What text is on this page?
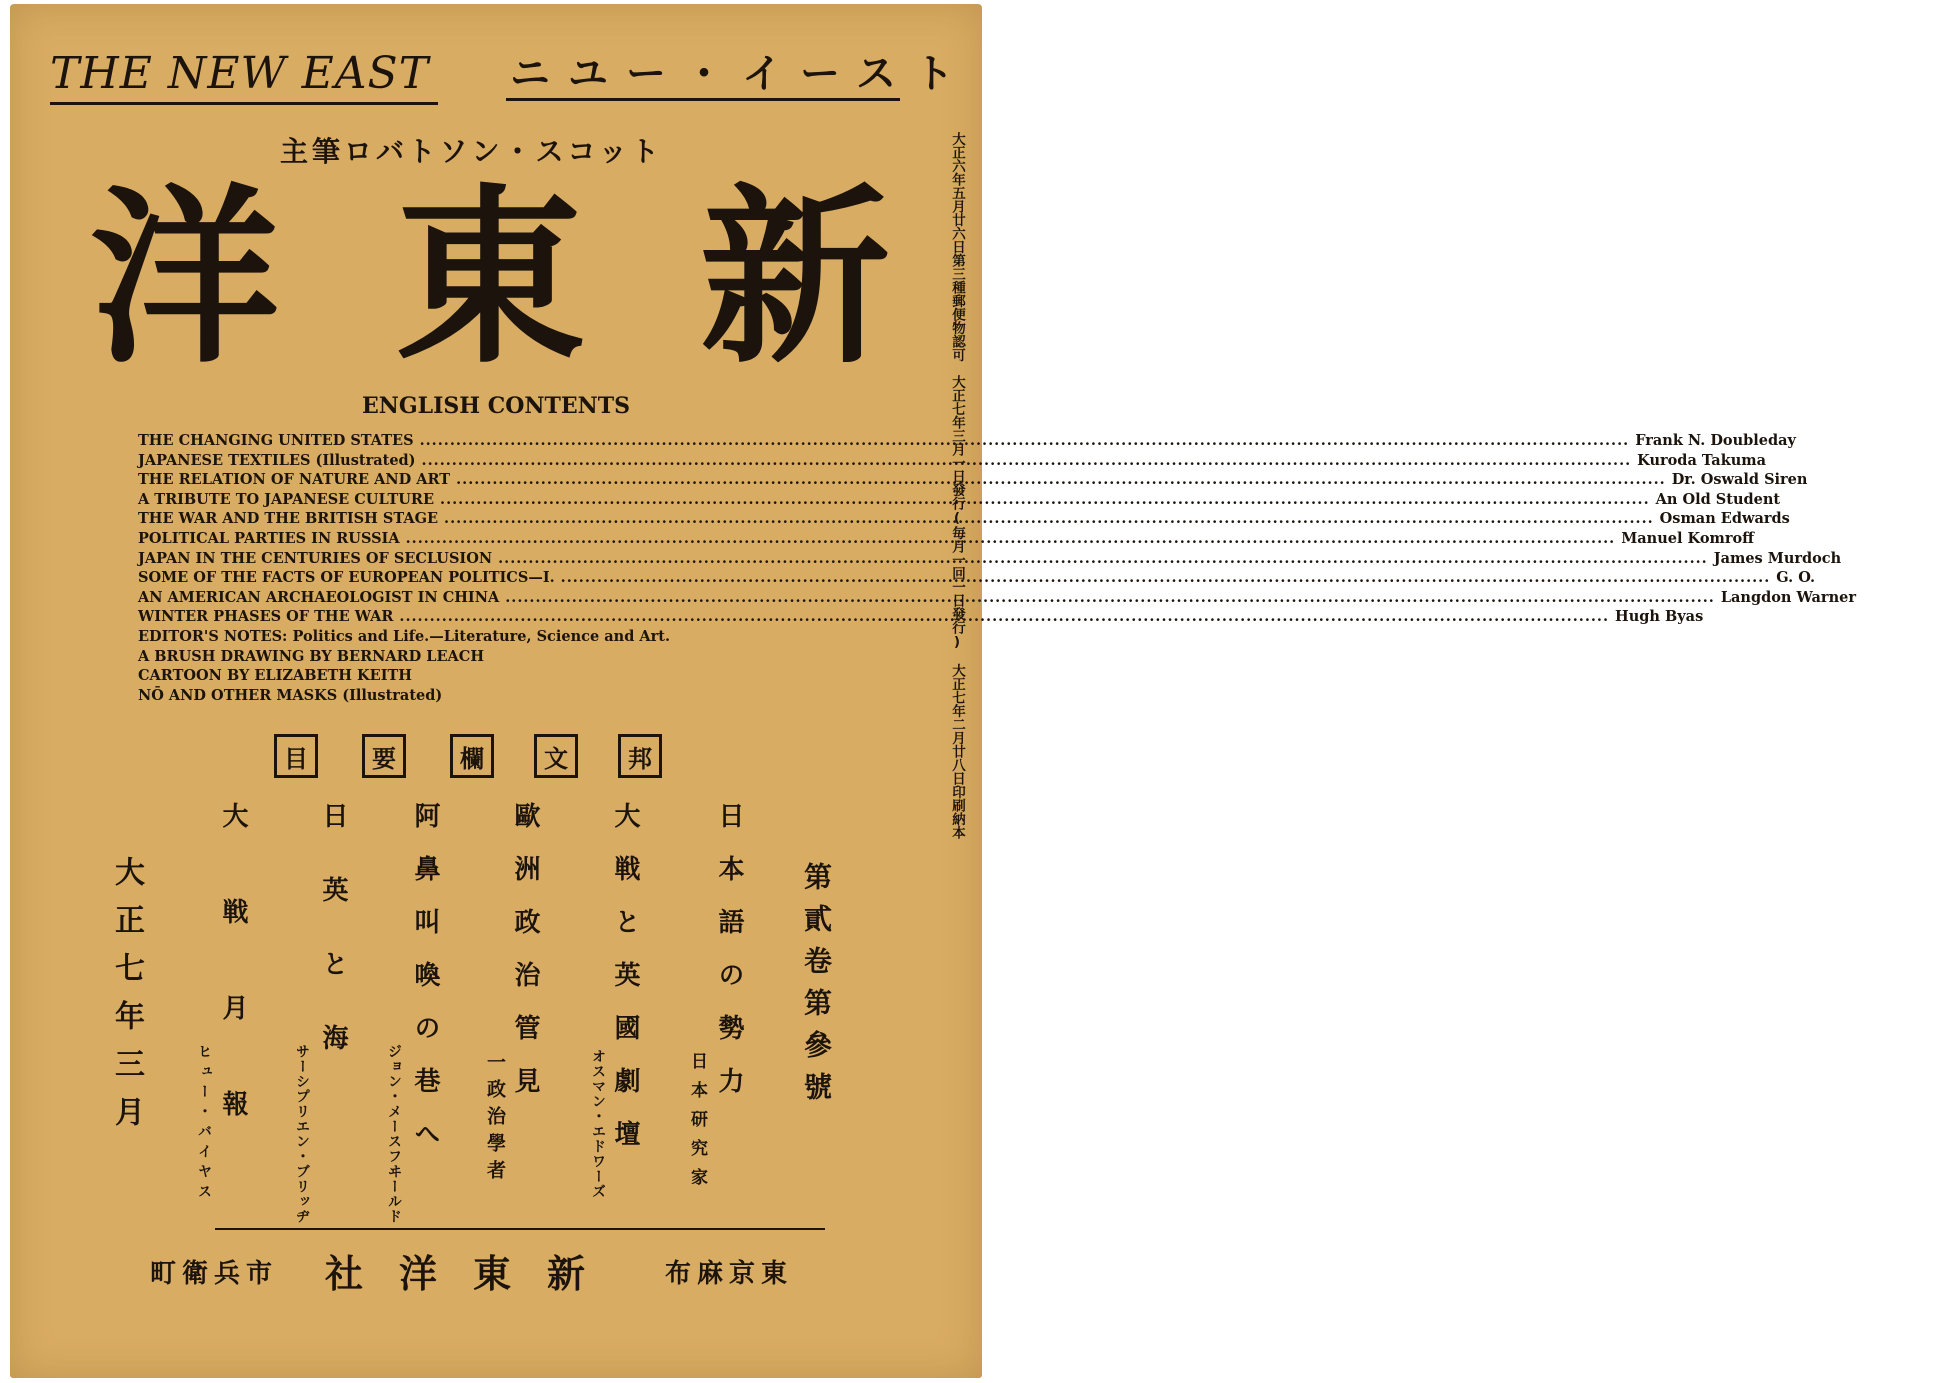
THE NEW EAST ニユー・イースト
主筆ロバトソン・スコット
洋 東 新
ENGLISH CONTENTS
THE CHANGING UNITED STATES ........................................................................................................................................................................................................ Frank N. Doubleday
JAPANESE TEXTILES (Illustrated) ........................................................................................................................................................................................................ Kuroda Takuma
THE RELATION OF NATURE AND ART ........................................................................................................................................................................................................ Dr. Oswald Siren
A TRIBUTE TO JAPANESE CULTURE ........................................................................................................................................................................................................ An Old Student
THE WAR AND THE BRITISH STAGE ........................................................................................................................................................................................................ Osman Edwards
POLITICAL PARTIES IN RUSSIA ........................................................................................................................................................................................................ Manuel Komroff
JAPAN IN THE CENTURIES OF SECLUSION ........................................................................................................................................................................................................ James Murdoch
SOME OF THE FACTS OF EUROPEAN POLITICS—I. ........................................................................................................................................................................................................ G. O.
AN AMERICAN ARCHAEOLOGIST IN CHINA ........................................................................................................................................................................................................ Langdon Warner
WINTER PHASES OF THE WAR ........................................................................................................................................................................................................ Hugh Byas
EDITOR'S NOTES: Politics and Life.—Literature, Science and Art.
A BRUSH DRAWING BY BERNARD LEACH
CARTOON BY ELIZABETH KEITH
NŌ AND OTHER MASKS (Illustrated)
目	要	欄	文	邦
日本語の勢力
日本研究家
大戦と英國劇壇
オスマン・エドワーズ
歐洲政治管見
一政治學者
阿鼻叫喚の巷へ
ジョン・メースフヰールド
日英と海
サーシプリエン・ブリッヂ
大戦月報
ヒュー・バイヤス
第貳卷第參號
大正七年三月
大正六年五月廿六日第三種郵便物認可　大正七年三月一日發行(毎月一回一日發行)　大正七年二月廿八日印刷納本
町衛兵市 社洋東新 布麻京東
